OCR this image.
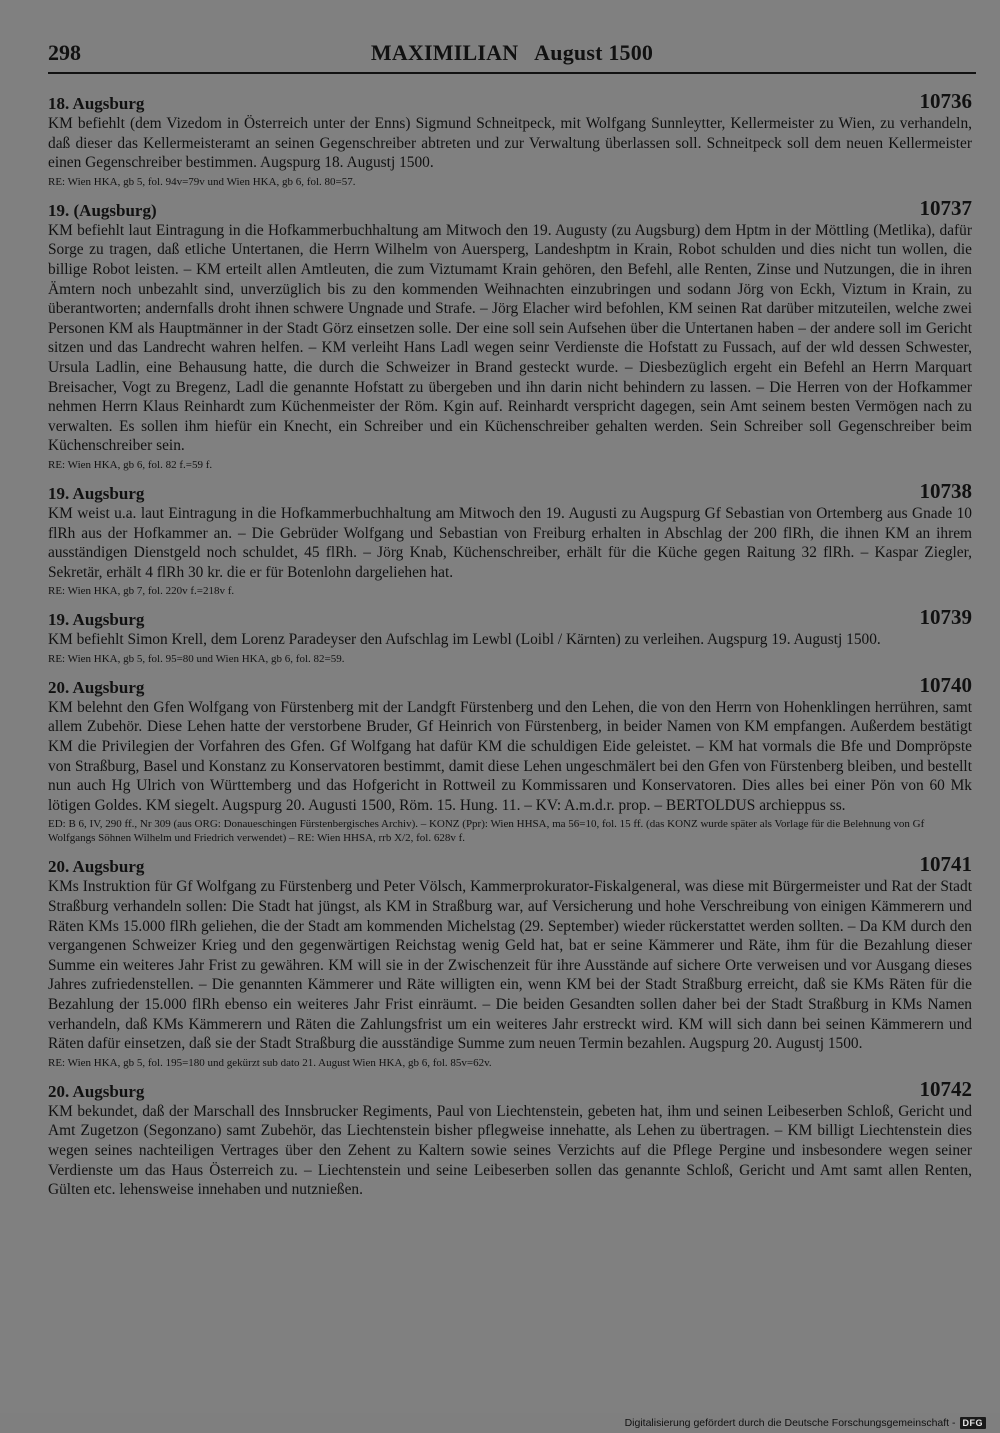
298	MAXIMILIAN   August 1500
18. Augsburg	10736

KM befiehlt (dem Vizedom in Österreich unter der Enns) Sigmund Schneitpeck, mit Wolfgang Sunnleytter, Kellermeister zu Wien, zu verhandeln, daß dieser das Kellermeisteramt an seinen Gegenschreiber abtreten und zur Verwaltung überlassen soll. Schneitpeck soll dem neuen Kellermeister einen Gegenschreiber bestimmen. Augspurg 18. Augustj 1500.

RE: Wien HKA, gb 5, fol. 94v=79v und Wien HKA, gb 6, fol. 80=57.

19. (Augsburg)	10737

KM befiehlt laut Eintragung in die Hofkammerbuchhaltung am Mitwoch den 19. Augusty (zu Augsburg) dem Hptm in der Möttling (Metlika), dafür Sorge zu tragen, daß etliche Untertanen, die Herrn Wilhelm von Auersperg, Landeshptm in Krain, Robot schulden und dies nicht tun wollen, die billige Robot leisten. – KM erteilt allen Amtleuten, die zum Viztumamt Krain gehören, den Befehl, alle Renten, Zinse und Nutzungen, die in ihren Ämtern noch unbezahlt sind, unverzüglich bis zu den kommenden Weihnachten einzubringen und sodann Jörg von Eckh, Viztum in Krain, zu überantworten; andernfalls droht ihnen schwere Ungnade und Strafe. – Jörg Elacher wird befohlen, KM seinen Rat darüber mitzuteilen, welche zwei Personen KM als Hauptmänner in der Stadt Görz einsetzen solle. Der eine soll sein Aufsehen über die Untertanen haben – der andere soll im Gericht sitzen und das Landrecht wahren helfen. – KM verleiht Hans Ladl wegen seinr Verdienste die Hofstatt zu Fussach, auf der wld dessen Schwester, Ursula Ladlin, eine Behausung hatte, die durch die Schweizer in Brand gesteckt wurde. – Diesbezüglich ergeht ein Befehl an Herrn Marquart Breisacher, Vogt zu Bregenz, Ladl die genannte Hofstatt zu übergeben und ihn darin nicht behindern zu lassen. – Die Herren von der Hofkammer nehmen Herrn Klaus Reinhardt zum Küchenmeister der Röm. Kgin auf. Reinhardt verspricht dagegen, sein Amt seinem besten Vermögen nach zu verwalten. Es sollen ihm hiefür ein Knecht, ein Schreiber und ein Küchenschreiber gehalten werden. Sein Schreiber soll Gegenschreiber beim Küchenschreiber sein.

RE: Wien HKA, gb 6, fol. 82 f.=59 f.

19. Augsburg	10738

KM weist u.a. laut Eintragung in die Hofkammerbuchhaltung am Mitwoch den 19. Augusti zu Augspurg Gf Sebastian von Ortemberg aus Gnade 10 flRh aus der Hofkammer an. – Die Gebrüder Wolfgang und Sebastian von Freiburg erhalten in Abschlag der 200 flRh, die ihnen KM an ihrem ausständigen Dienstgeld noch schuldet, 45 flRh. – Jörg Knab, Küchenschreiber, erhält für die Küche gegen Raitung 32 flRh. – Kaspar Ziegler, Sekretär, erhält 4 flRh 30 kr. die er für Botenlohn dargeliehen hat.

RE: Wien HKA, gb 7, fol. 220v f.=218v f.

19. Augsburg	10739

KM befiehlt Simon Krell, dem Lorenz Paradeyser den Aufschlag im Lewbl (Loibl / Kärnten) zu verleihen. Augspurg 19. Augustj 1500.

RE: Wien HKA, gb 5, fol. 95=80 und Wien HKA, gb 6, fol. 82=59.

20. Augsburg	10740

KM belehnt den Gfen Wolfgang von Fürstenberg mit der Landgft Fürstenberg und den Lehen, die von den Herrn von Hohenklingen herrühren, samt allem Zubehör. Diese Lehen hatte der verstorbene Bruder, Gf Heinrich von Fürstenberg, in beider Namen von KM empfangen. Außerdem bestätigt KM die Privilegien der Vorfahren des Gfen. Gf Wolfgang hat dafür KM die schuldigen Eide geleistet. – KM hat vormals die Bfe und Dompröpste von Straßburg, Basel und Konstanz zu Konservatoren bestimmt, damit diese Lehen ungeschmälert bei den Gfen von Fürstenberg bleiben, und bestellt nun auch Hg Ulrich von Württemberg und das Hofgericht in Rottweil zu Kommissaren und Konservatoren. Dies alles bei einer Pön von 60 Mk lötigen Goldes. KM siegelt. Augspurg 20. Augusti 1500, Röm. 15. Hung. 11. – KV: A.m.d.r. prop. – BERTOLDUS archieppus ss.

ED: B 6, IV, 290 ff., Nr 309 (aus ORG: Donaueschingen Fürstenbergisches Archiv). – KONZ (Ppr): Wien HHSA, ma 56=10, fol. 15 ff. (das KONZ wurde später als Vorlage für die Belehnung von Gf Wolfgangs Söhnen Wilhelm und Friedrich verwendet) – RE: Wien HHSA, rrb X/2, fol. 628v f.

20. Augsburg	10741

KMs Instruktion für Gf Wolfgang zu Fürstenberg und Peter Völsch, Kammerprokurator-Fiskalgeneral, was diese mit Bürgermeister und Rat der Stadt Straßburg verhandeln sollen: Die Stadt hat jüngst, als KM in Straßburg war, auf Versicherung und hohe Verschreibung von einigen Kämmerern und Räten KMs 15.000 flRh geliehen, die der Stadt am kommenden Michelstag (29. September) wieder rückerstattet werden sollten. – Da KM durch den vergangenen Schweizer Krieg und den gegenwärtigen Reichstag wenig Geld hat, bat er seine Kämmerer und Räte, ihm für die Bezahlung dieser Summe ein weiteres Jahr Frist zu gewähren. KM will sie in der Zwischenzeit für ihre Ausstände auf sichere Orte verweisen und vor Ausgang dieses Jahres zufriedenstellen. – Die genannten Kämmerer und Räte willigten ein, wenn KM bei der Stadt Straßburg erreicht, daß sie KMs Räten für die Bezahlung der 15.000 flRh ebenso ein weiteres Jahr Frist einräumt. – Die beiden Gesandten sollen daher bei der Stadt Straßburg in KMs Namen verhandeln, daß KMs Kämmerern und Räten die Zahlungsfrist um ein weiteres Jahr erstreckt wird. KM will sich dann bei seinen Kämmerern und Räten dafür einsetzen, daß sie der Stadt Straßburg die ausständige Summe zum neuen Termin bezahlen. Augspurg 20. Augustj 1500.

RE: Wien HKA, gb 5, fol. 195=180 und gekürzt sub dato 21. August Wien HKA, gb 6, fol. 85v=62v.

20. Augsburg	10742

KM bekundet, daß der Marschall des Innsbrucker Regiments, Paul von Liechtenstein, gebeten hat, ihm und seinen Leibeserben Schloß, Gericht und Amt Zugetzon (Segonzano) samt Zubehör, das Liechtenstein bisher pflegweise innehatte, als Lehen zu übertragen. – KM billigt Liechtenstein dies wegen seines nachteiligen Vertrages über den Zehent zu Kaltern sowie seines Verzichts auf die Pflege Pergine und insbesondere wegen seiner Verdienste um das Haus Österreich zu. – Liechtenstein und seine Leibeserben sollen das genannte Schloß, Gericht und Amt samt allen Renten, Gülten etc. lehensweise innehaben und nutznießen.

Digitalisierung gefördert durch die Deutsche Forschungsgemeinschaft - DFG
